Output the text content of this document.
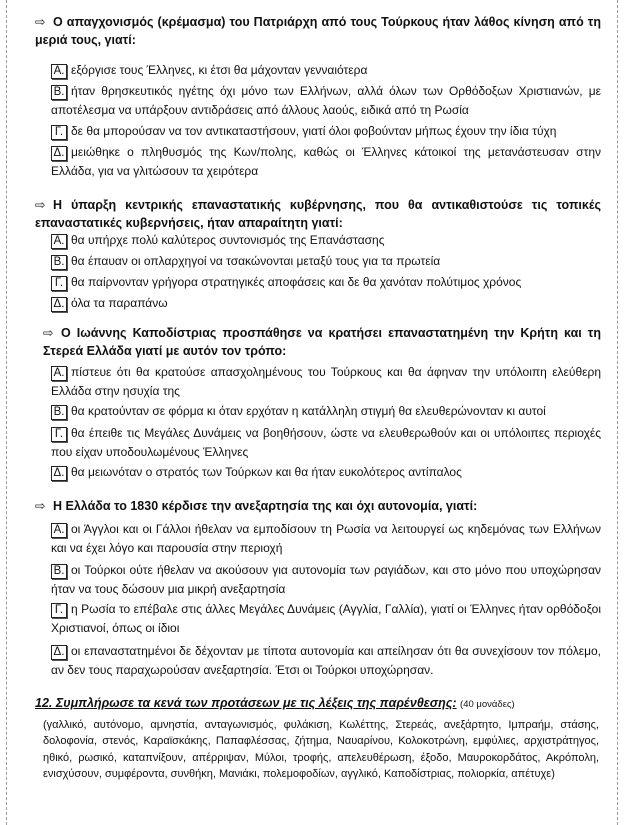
⇨ Ο απαγχονισμός (κρέμασμα) του Πατριάρχη από τους Τούρκους ήταν λάθος κίνηση από τη μεριά τους, γιατί:
Α. εξόργισε τους Έλληνες, κι έτσι θα μάχονταν γενναιότερα
Β. ήταν θρησκευτικός ηγέτης όχι μόνο των Ελλήνων, αλλά όλων των Ορθόδοξων Χριστιανών, με αποτέλεσμα να υπάρξουν αντιδράσεις από άλλους λαούς, ειδικά από τη Ρωσία
Γ. δε θα μπορούσαν να τον αντικαταστήσουν, γιατί όλοι φοβούνταν μήπως έχουν την ίδια τύχη
Δ. μειώθηκε ο πληθυσμός της Κων/πολης, καθώς οι Έλληνες κάτοικοί της μετανάστευσαν στην Ελλάδα, για να γλιτώσουν τα χειρότερα
⇨ Η ύπαρξη κεντρικής επαναστατικής κυβέρνησης, που θα αντικαθιστούσε τις τοπικές επαναστατικές κυβερνήσεις, ήταν απαραίτητη γιατί:
Α. θα υπήρχε πολύ καλύτερος συντονισμός της Επανάστασης
Β. θα έπαυαν οι οπλαρχηγοί να τσακώνονται μεταξύ τους για τα πρωτεία
Γ. θα παίρνονταν γρήγορα στρατηγικές αποφάσεις και δε θα χανόταν πολύτιμος χρόνος
Δ. όλα τα παραπάνω
⇨ Ο Ιωάννης Καποδίστριας προσπάθησε να κρατήσει επαναστατημένη την Κρήτη και τη Στερεά Ελλάδα γιατί με αυτόν τον τρόπο:
Α. πίστευε ότι θα κρατούσε απασχολημένους του Τούρκους και θα άφηναν την υπόλοιπη ελεύθερη Ελλάδα στην ησυχία της
Β. θα κρατούνταν σε φόρμα κι όταν ερχόταν η κατάλληλη στιγμή θα ελευθερώνονταν κι αυτοί
Γ. θα έπειθε τις Μεγάλες Δυνάμεις να βοηθήσουν, ώστε να ελευθερωθούν και οι υπόλοιπες περιοχές που είχαν υποδουλωμένους Έλληνες
Δ. θα μειωνόταν ο στρατός των Τούρκων και θα ήταν ευκολότερος αντίπαλος
⇨ Η Ελλάδα το 1830 κέρδισε την ανεξαρτησία της και όχι αυτονομία, γιατί:
Α. οι Άγγλοι και οι Γάλλοι ήθελαν να εμποδίσουν τη Ρωσία να λειτουργεί ως κηδεμόνας των Ελλήνων και να έχει λόγο και παρουσία στην περιοχή
Β. οι Τούρκοι ούτε ήθελαν να ακούσουν για αυτονομία των ραγιάδων, και στο μόνο που υποχώρησαν ήταν να τους δώσουν μια μικρή ανεξαρτησία
Γ. η Ρωσία το επέβαλε στις άλλες Μεγάλες Δυνάμεις (Αγγλία, Γαλλία), γιατί οι Έλληνες ήταν ορθόδοξοι Χριστιανοί, όπως οι ίδιοι
Δ. οι επαναστατημένοι δε δέχονταν με τίποτα αυτονομία και απείλησαν ότι θα συνεχίσουν τον πόλεμο, αν δεν τους παραχωρούσαν ανεξαρτησία. Έτσι οι Τούρκοι υποχώρησαν.
12. Συμπλήρωσε τα κενά των προτάσεων με τις λέξεις της παρένθεσης: (40 μονάδες)
(γαλλικό, αυτόνομο, αμνηστία, ανταγωνισμός, φυλάκιση, Κωλέττης, Στερεάς, ανεξάρτητο, Ιμπραήμ, στάσης, δολοφονία, στενός, Καραϊσκάκης, Παπαφλέσσας, ζήτημα, Ναυαρίνου, Κολοκοτρώνη, εμφύλιες, αρχιστράτηγος, ηθικό, ρωσικό, καταπνίξουν, απέρριψαν, Μύλοι, τροφής, απελευθέρωση, έξοδο, Μαυροκορδάτος, Ακρόπολη, ενισχύσουν, συμφέροντα, συνθήκη, Μανιάκι, πολεμοφοδίων, αγγλικό, Καποδίστριας, πολιορκία, απέτυχε)
